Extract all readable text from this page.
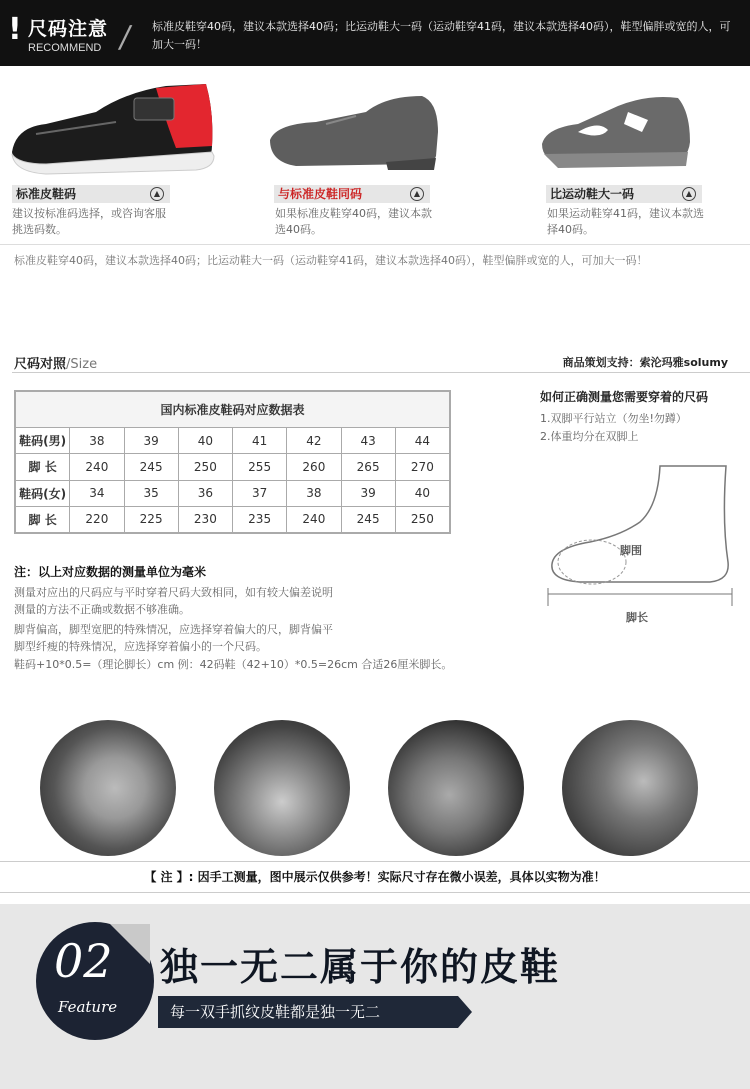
! 尺码注意
RECOMMEND / 标准皮鞋穿40码，建议本款选择40码；比运动鞋大一码（运动鞋穿41码，建议本款选择40码），鞋型偏胖或宽的人，可加大一码！
标准皮鞋码	▲
建议按标准码选择，或咨询客服挑选码数。
与标准皮鞋同码	▲
如果标准皮鞋穿40码，建议本款选40码。
比运动鞋大一码	▲
如果运动鞋穿41码，建议本款选择40码。
标准皮鞋穿40码，建议本款选择40码；比运动鞋大一码（运动鞋穿41码，建议本款选择40码），鞋型偏胖或宽的人，可加大一码！
尺码对照/Size	商品策划支持：索沦玛雅solumy
国内标准皮鞋码对应数据表							
鞋码(男)	38	39	40	41	42	43	44
脚 长	240	245	250	255	260	265	270
鞋码(女)	34	35	36	37	38	39	40
脚 长	220	225	230	235	240	245	250
如何正确测量您需要穿着的尺码
1.双脚平行站立（勿坐!勿蹲）
2.体重均分在双脚上
脚围
脚长
注：以上对应数据的测量单位为毫米
测量对应出的尺码应与平时穿着尺码大致相同，如有较大偏差说明
测量的方法不正确或数据不够准确。
脚背偏高，脚型宽肥的特殊情况，应选择穿着偏大的尺，脚背偏平
脚型纤瘦的特殊情况，应选择穿着偏小的一个尺码。
鞋码+10*0.5=（理论脚长）cm 例：42码鞋（42+10）*0.5=26cm 合适26厘米脚长。
【 注 】: 因手工测量，图中展示仅供参考！实际尺寸存在微小误差，具体以实物为准！
02
Feature
独一无二属于你的皮鞋
每一双手抓纹皮鞋都是独一无二
